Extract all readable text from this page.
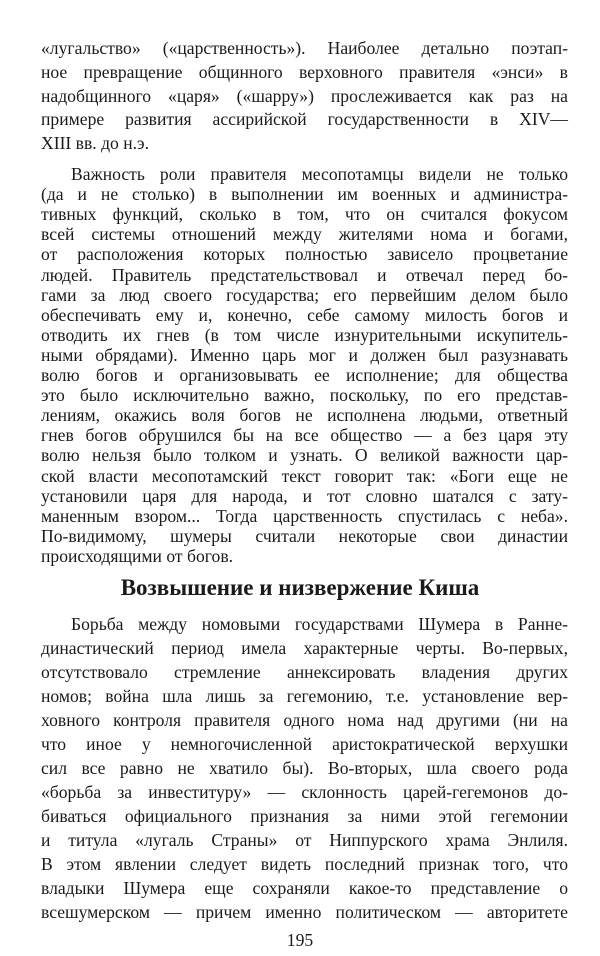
«лугальство» («царственность»). Наиболее детально поэтап-
ное превращение общинного верховного правителя «энси» в
надобщинного «царя» («шарру») прослеживается как раз на
примере развития ассирийской государственности в XIV—
XIII вв. до н.э.
Важность роли правителя месопотамцы видели не только
(да и не столько) в выполнении им военных и администра-
тивных функций, сколько в том, что он считался фокусом
всей системы отношений между жителями нома и богами,
от расположения которых полностью зависело процветание
людей. Правитель предстательствовал и отвечал перед бо-
гами за люд своего государства; его первейшим делом было
обеспечивать ему и, конечно, себе самому милость богов и
отводить их гнев (в том числе изнурительными искупитель-
ными обрядами). Именно царь мог и должен был разузнавать
волю богов и организовывать ее исполнение; для общества
это было исключительно важно, поскольку, по его представ-
лениям, окажись воля богов не исполнена людьми, ответный
гнев богов обрушился бы на все общество — а без царя эту
волю нельзя было толком и узнать. О великой важности цар-
ской власти месопотамский текст говорит так: «Боги еще не
установили царя для народа, и тот словно шатался с зату-
маненным взором... Тогда царственность спустилась с неба».
По-видимому, шумеры считали некоторые свои династии
происходящими от богов.
Возвышение и низвержение Киша
Борьба между номовыми государствами Шумера в Ранне-
династический период имела характерные черты. Во-первых,
отсутствовало стремление аннексировать владения других
номов; война шла лишь за гегемонию, т.е. установление вер-
ховного контроля правителя одного нома над другими (ни на
что иное у немногочисленной аристократической верхушки
сил все равно не хватило бы). Во-вторых, шла своего рода
«борьба за инвеституру» — склонность царей-гегемонов до-
биваться официального признания за ними этой гегемонии
и титула «лугаль Страны» от Ниппурского храма Энлиля.
В этом явлении следует видеть последний признак того, что
владыки Шумера еще сохраняли какое-то представление о
всешумерском — причем именно политическом — авторитете
195
